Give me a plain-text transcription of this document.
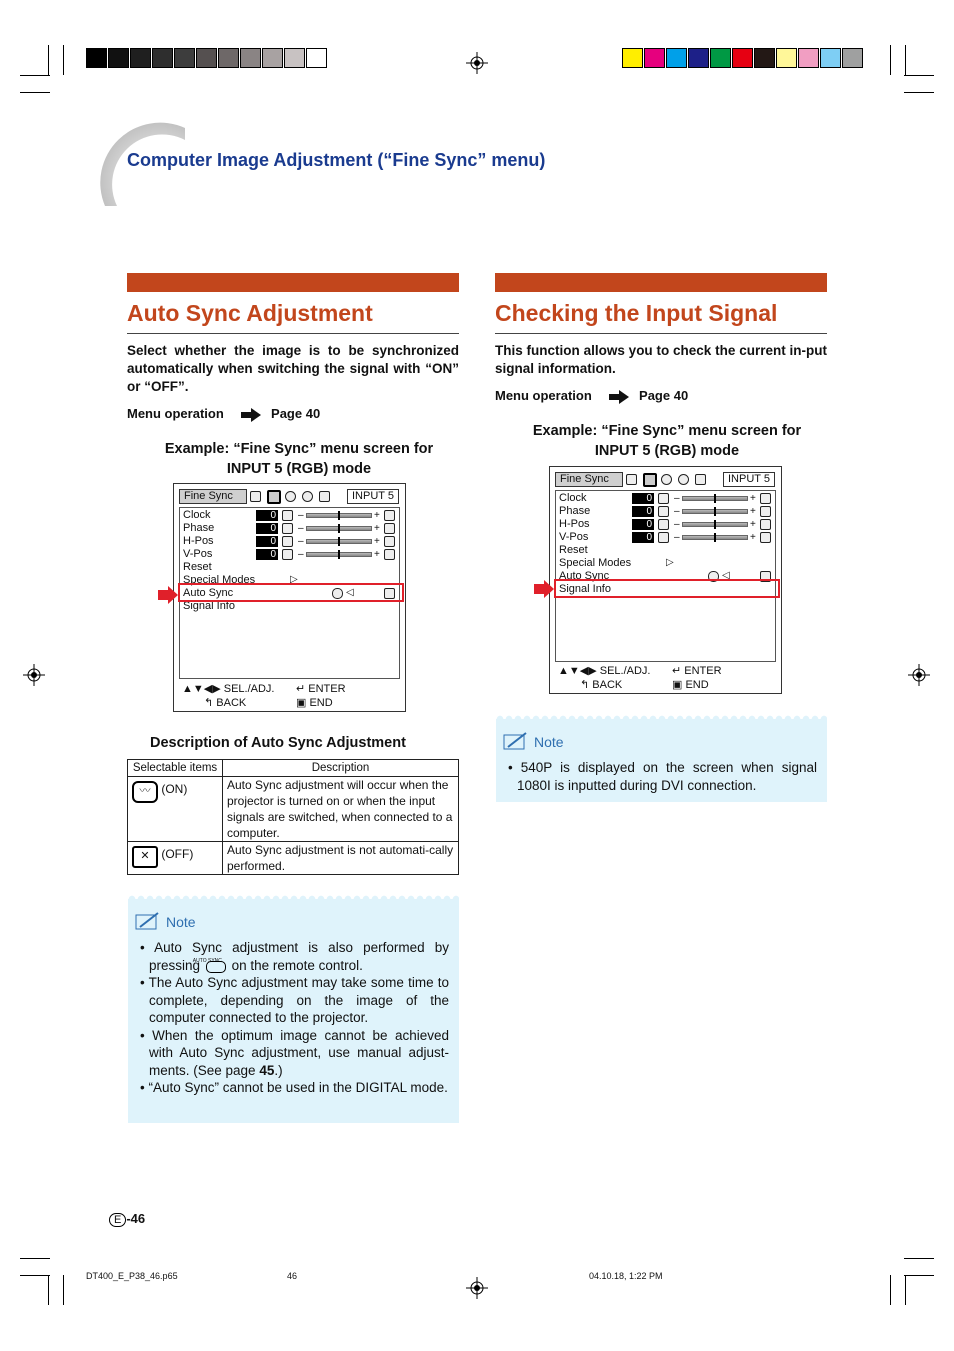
Computer Image Adjustment (“Fine Sync” menu)
Auto Sync Adjustment
Select whether the image is to be synchronized automatically when switching the signal with “ON” or “OFF”.
Menu operation	Page 40
Example: “Fine Sync” menu screen for
INPUT 5 (RGB) mode
Fine Sync	INPUT 5
Clock	0 –	+
Phase	0 –	+
H-Pos	0 –	+
V-Pos	0 –	+
Reset
Special Modes	▷
Auto Sync	◁
Signal Info
▲▼◀▶ SEL./ADJ. ↵ ENTER
↰ BACK	▣ END
Description of Auto Sync Adjustment
Selectable items	Description
〰 (ON)	Auto Sync adjustment will occur when the projector is turned on or when the input signals are switched, when connected to a computer.
✕ (OFF)	Auto Sync adjustment is not automati-cally performed.
Note
• Auto Sync adjustment is also performed by pressing
AUTO SYNC on the remote control.
• The Auto Sync adjustment may take some time to complete, depending on the image of the computer connected to the projector.
• When the optimum image cannot be achieved with Auto Sync adjustment, use manual adjust-ments. (See page 45.)
• “Auto Sync” cannot be used in the DIGITAL mode.
Checking the Input Signal
This function allows you to check the current in-put signal information.
Menu operation	Page 40
Example: “Fine Sync” menu screen for
INPUT 5 (RGB) mode
Fine Sync	INPUT 5
Clock	0 –	+
Phase	0 –	+
H-Pos	0 –	+
V-Pos	0 –	+
Reset
Special Modes	▷
Auto Sync	◁
Signal Info
▲▼◀▶ SEL./ADJ. ↵ ENTER
↰ BACK	▣ END
Note
• 540P is displayed on the screen when signal 1080I is inputted during DVI connection.
E -46
DT400_E_P38_46.p65	46	04.10.18, 1:22 PM
